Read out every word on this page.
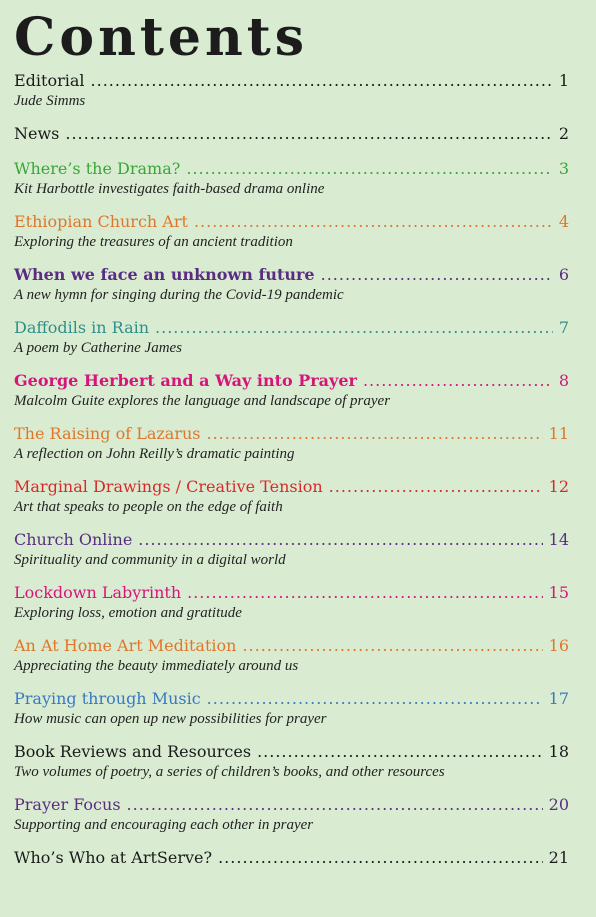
Contents
Editorial .....	1
Jude Simms
News .....	2
Where’s the Drama? .....	3
Kit Harbottle investigates faith-based drama online
Ethiopian Church Art .....	4
Exploring the treasures of an ancient tradition
When we face an unknown future .....	6
A new hymn for singing during the Covid-19 pandemic
Daffodils in Rain .....	7
A poem by Catherine James
George Herbert and a Way into Prayer .....	8
Malcolm Guite explores the language and landscape of prayer
The Raising of Lazarus .....	11
A reflection on John Reilly’s dramatic painting
Marginal Drawings / Creative Tension .....	12
Art that speaks to people on the edge of faith
Church Online .....	14
Spirituality and community in a digital world
Lockdown Labyrinth .....	15
Exploring loss, emotion and gratitude
An At Home Art Meditation .....	16
Appreciating the beauty immediately around us
Praying through Music .....	17
How music can open up new possibilities for prayer
Book Reviews and Resources .....	18
Two volumes of poetry, a series of children’s books, and other resources
Prayer Focus .....	20
Supporting and encouraging each other in prayer
Who’s Who at ArtServe? .....	21
